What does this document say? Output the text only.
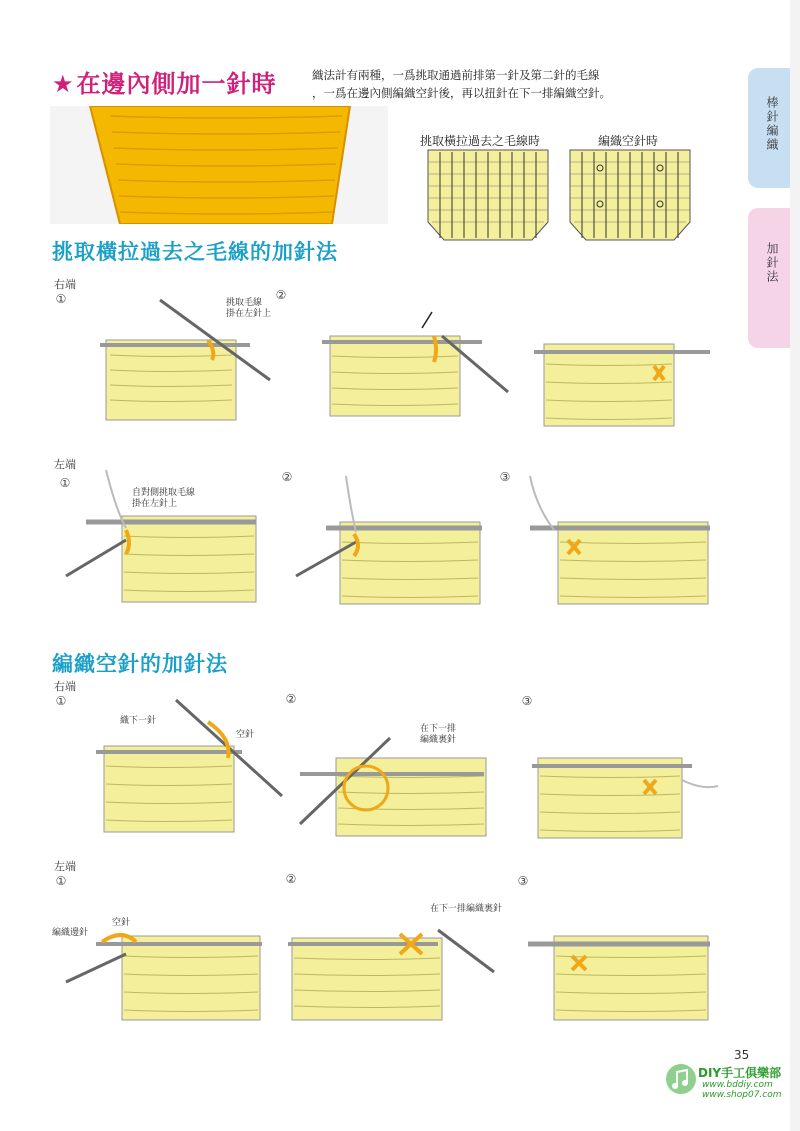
棒針編織
加針法
★在邊內側加一針時	織法計有兩種，一爲挑取通過前排第一針及第二針的毛線
，一爲在邊內側編織空針後，再以扭針在下一排編織空針。
挑取橫拉過去之毛線時	編織空針時
挑取橫拉過去之毛線的加針法
右端
①	②
挑取毛線
掛在左針上
左端
①	②	③
自對側挑取毛線
掛在左針上
編織空針的加針法
右端
①	②	③
織下一針
空針
在下一排
編織裏針
左端
①	②	③
編織邊針
空針
在下一排編織裏針
35
DIY手工俱樂部
www.bddiy.com
www.shop07.com
